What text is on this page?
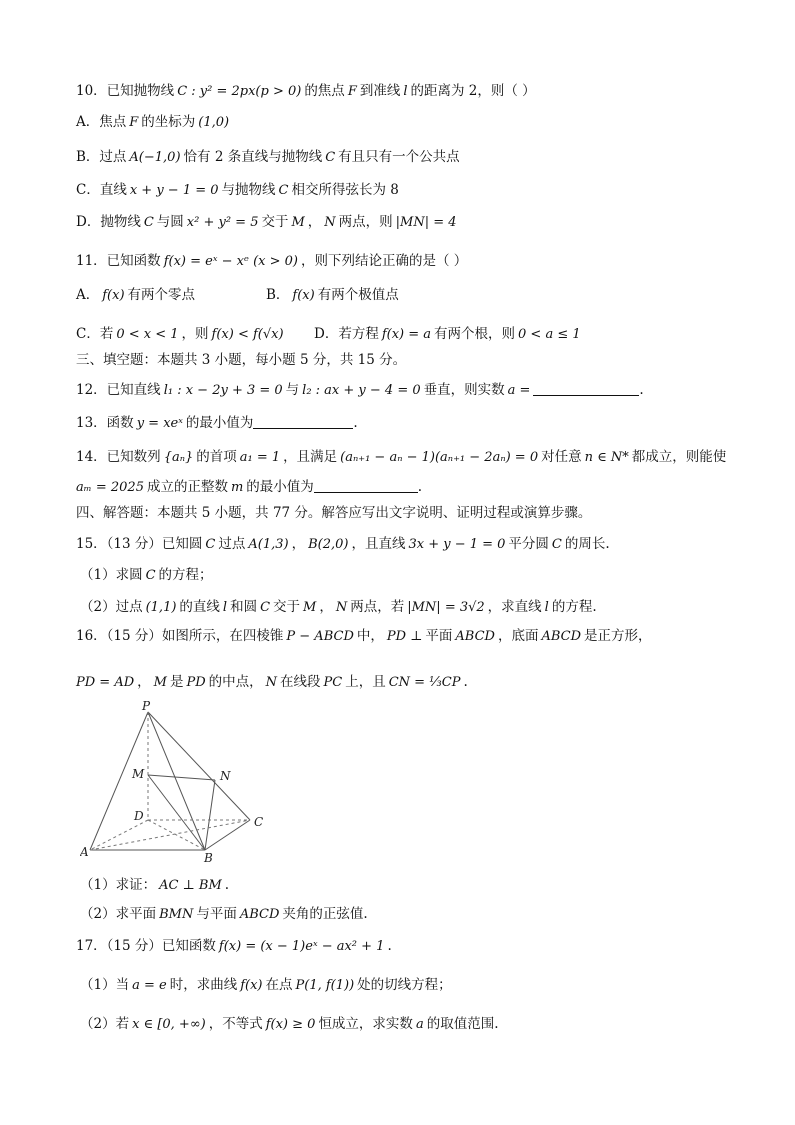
10．已知抛物线 C : y² = 2px(p > 0) 的焦点 F 到准线 l 的距离为 2，则（ ）
A．焦点 F 的坐标为 (1,0)
B．过点 A(−1,0) 恰有 2 条直线与抛物线 C 有且只有一个公共点
C．直线 x + y − 1 = 0 与抛物线 C 相交所得弦长为 8
D．抛物线 C 与圆 x² + y² = 5 交于 M ， N 两点，则 |MN| = 4
11．已知函数 f(x) = eˣ − xᵉ (x > 0) ，则下列结论正确的是（ ）
A． f(x) 有两个零点	B． f(x) 有两个极值点
C．若 0 < x < 1 ，则 f(x) < f(√x) D．若方程 f(x) = a 有两个根，则 0 < a ≤ 1
三、填空题：本题共 3 小题，每小题 5 分，共 15 分。
12．已知直线 l₁ : x − 2y + 3 = 0 与 l₂ : ax + y − 4 = 0 垂直，则实数 a =	.
13．函数 y = xeˣ 的最小值为	.
14．已知数列 {aₙ} 的首项 a₁ = 1 ，且满足 (aₙ₊₁ − aₙ − 1)(aₙ₊₁ − 2aₙ) = 0 对任意 n ∈ N* 都成立，则能使
aₘ = 2025 成立的正整数 m 的最小值为	.
四、解答题：本题共 5 小题，共 77 分。解答应写出文字说明、证明过程或演算步骤。
15．（13 分）已知圆 C 过点 A(1,3) ， B(2,0) ，且直线 3x + y − 1 = 0 平分圆 C 的周长.
（1）求圆 C 的方程；
（2）过点 (1,1) 的直线 l 和圆 C 交于 M ， N 两点，若 |MN| = 3√2 ，求直线 l 的方程.
16．（15 分）如图所示，在四棱锥 P − ABCD 中， PD ⊥ 平面 ABCD ，底面 ABCD 是正方形，
PD = AD ， M 是 PD 的中点， N 在线段 PC 上，且 CN = ⅓CP .
P
M	N
D	C
A	B
（1）求证： AC ⊥ BM .
（2）求平面 BMN 与平面 ABCD 夹角的正弦值.
17．（15 分）已知函数 f(x) = (x − 1)eˣ − ax² + 1 .
（1）当 a = e 时，求曲线 f(x) 在点 P(1, f(1)) 处的切线方程；
（2）若 x ∈ [0, +∞) ，不等式 f(x) ≥ 0 恒成立，求实数 a 的取值范围.
